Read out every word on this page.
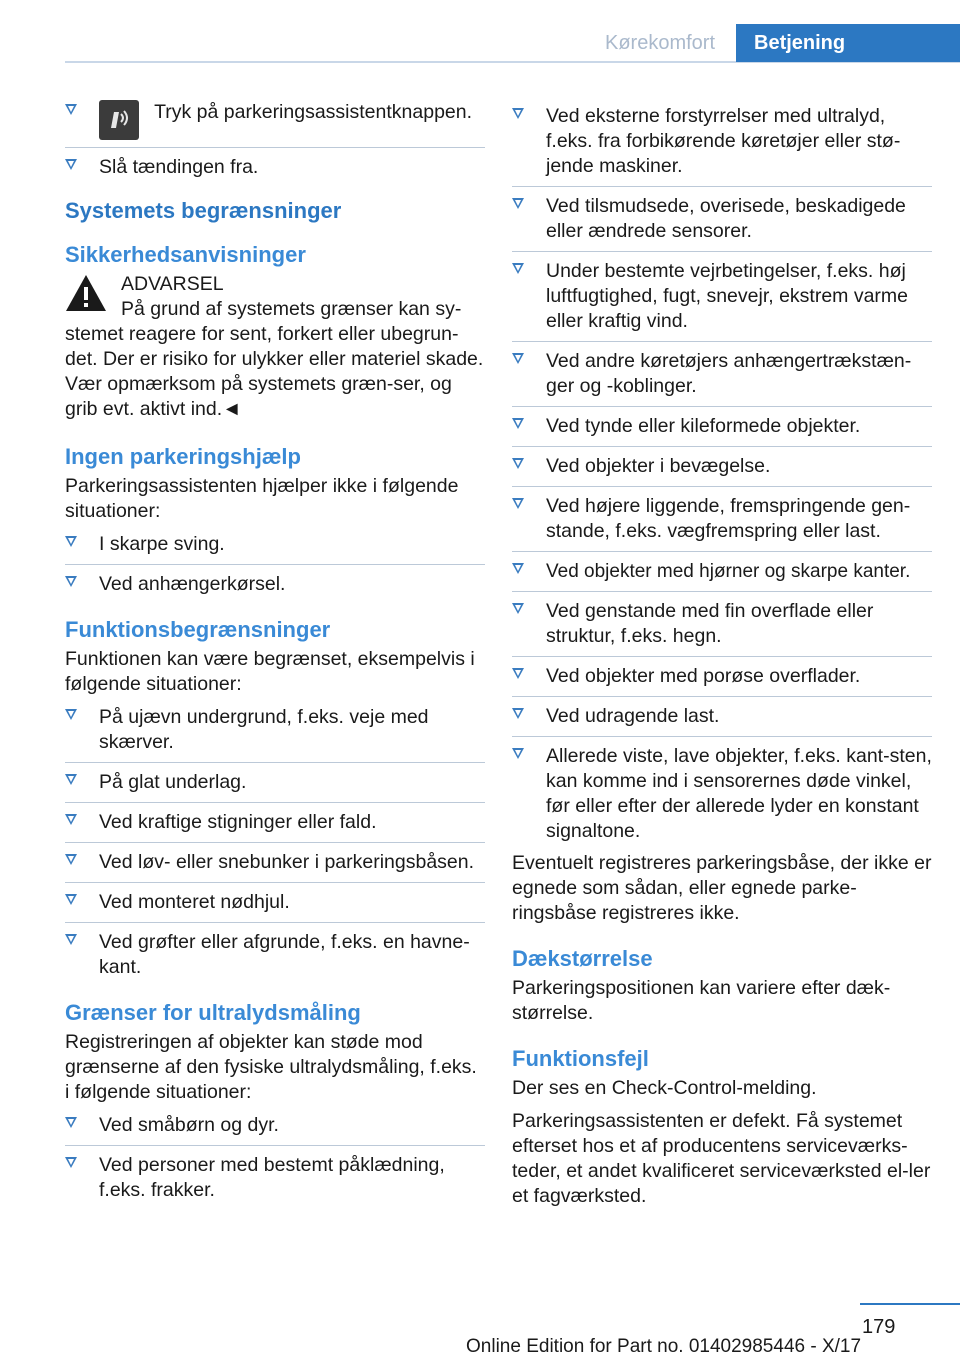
Kørekomfort	Betjening
Tryk på parkeringsassistentknappen.
Slå tændingen fra.
Systemets begrænsninger
Sikkerhedsanvisninger
ADVARSEL
På grund af systemets grænser kan sy-stemet reagere for sent, forkert eller ubegrun-det. Der er risiko for ulykker eller materiel skade. Vær opmærksom på systemets græn-ser, og grib evt. aktivt ind.◄
Ingen parkeringshjælp
Parkeringsassistenten hjælper ikke i følgende situationer:
I skarpe sving.
Ved anhængerkørsel.
Funktionsbegrænsninger
Funktionen kan være begrænset, eksempelvis i følgende situationer:
På ujævn undergrund, f.eks. veje med skærver.
På glat underlag.
Ved kraftige stigninger eller fald.
Ved løv- eller snebunker i parkeringsbåsen.
Ved monteret nødhjul.
Ved grøfter eller afgrunde, f.eks. en havne-kant.
Grænser for ultralydsmåling
Registreringen af objekter kan støde mod grænserne af den fysiske ultralydsmåling, f.eks. i følgende situationer:
Ved småbørn og dyr.
Ved personer med bestemt påklædning, f.eks. frakker.
Ved eksterne forstyrrelser med ultralyd, f.eks. fra forbikørende køretøjer eller stø-jende maskiner.
Ved tilsmudsede, overisede, beskadigede eller ændrede sensorer.
Under bestemte vejrbetingelser, f.eks. høj luftfugtighed, fugt, snevejr, ekstrem varme eller kraftig vind.
Ved andre køretøjers anhængertrækstæn-ger og -koblinger.
Ved tynde eller kileformede objekter.
Ved objekter i bevægelse.
Ved højere liggende, fremspringende gen-stande, f.eks. vægfremspring eller last.
Ved objekter med hjørner og skarpe kanter.
Ved genstande med fin overflade eller struktur, f.eks. hegn.
Ved objekter med porøse overflader.
Ved udragende last.
Allerede viste, lave objekter, f.eks. kant-sten, kan komme ind i sensorernes døde vinkel, før eller efter der allerede lyder en konstant signaltone.
Eventuelt registreres parkeringsbåse, der ikke er egnede som sådan, eller egnede parke-ringsbåse registreres ikke.
Dækstørrelse
Parkeringspositionen kan variere efter dæk-størrelse.
Funktionsfejl
Der ses en Check-Control-melding.
Parkeringsassistenten er defekt. Få systemet efterset hos et af producentens serviceværks-teder, et andet kvalificeret serviceværksted el-ler et fagværksted.
179
Online Edition for Part no. 01402985446 - X/17
